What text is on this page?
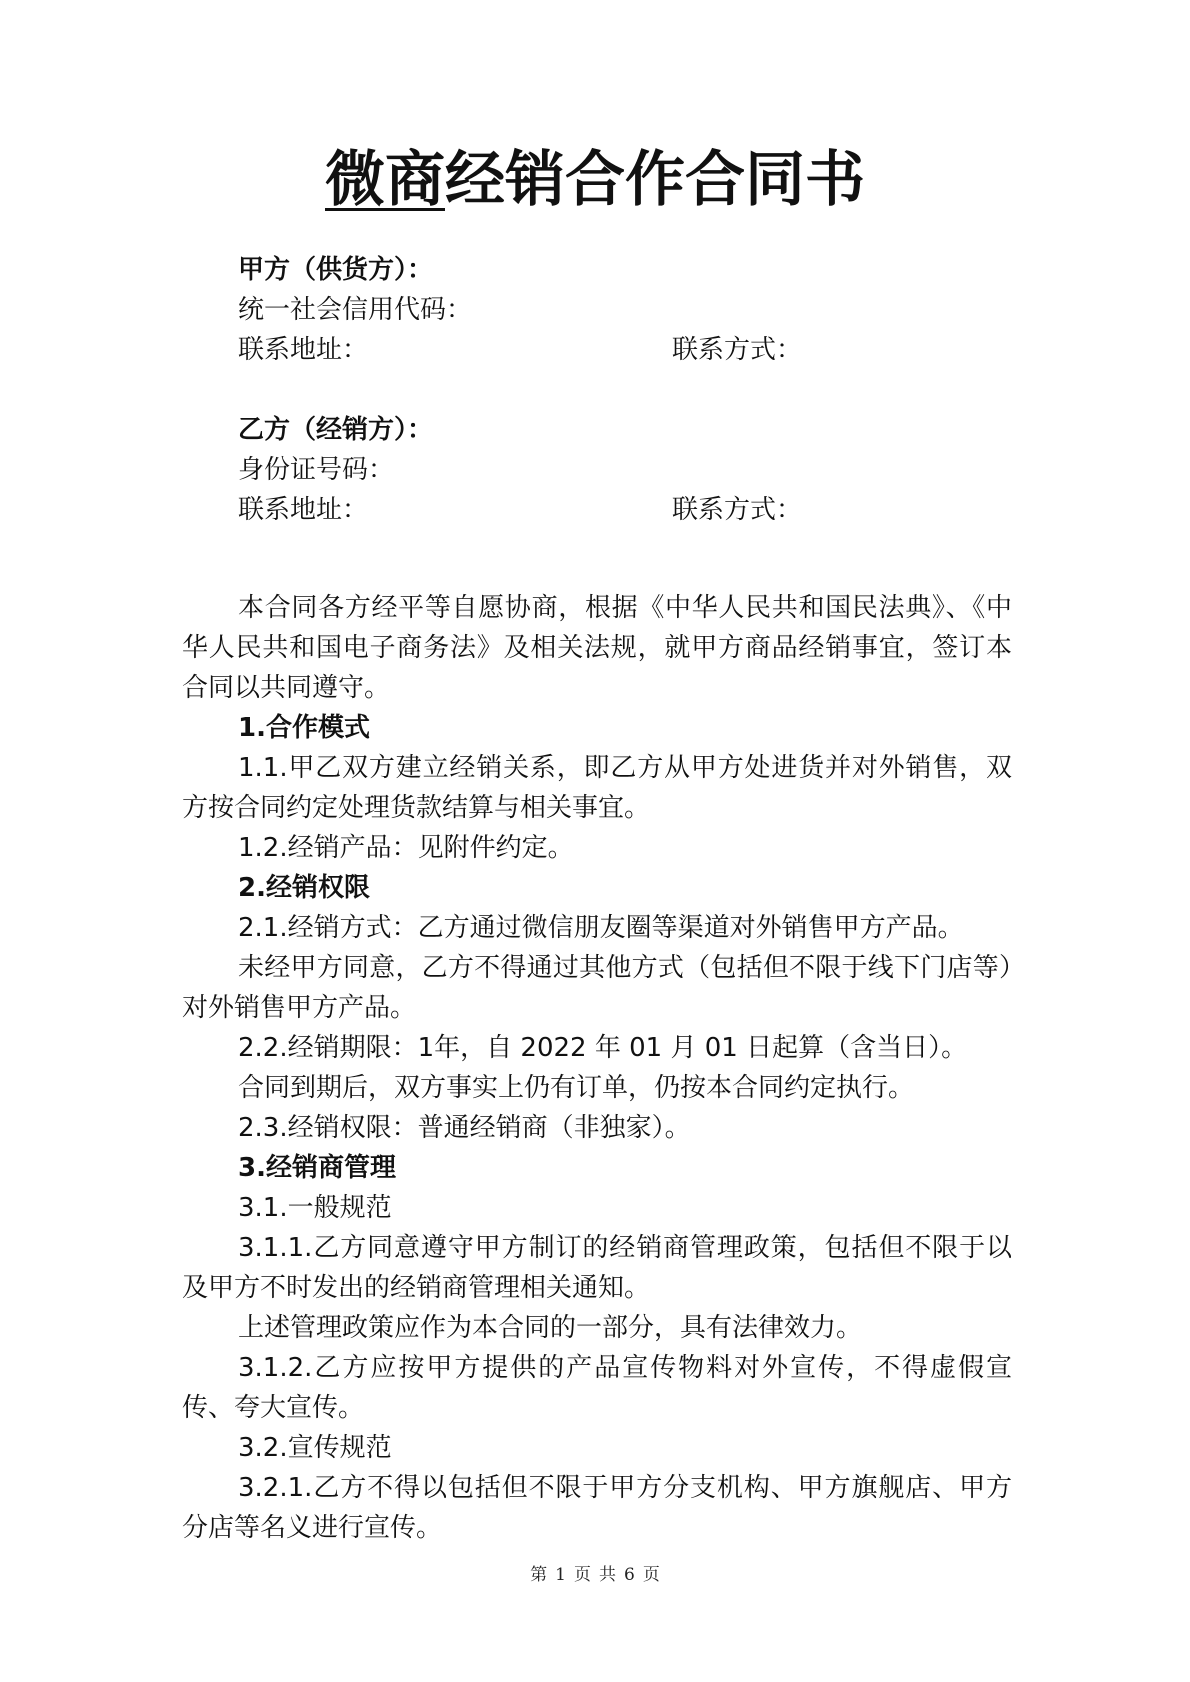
微商经销合作合同书
甲方（供货方）：
统一社会信用代码：
联系地址：	联系方式：
乙方（经销方）：
身份证号码：
联系地址：	联系方式：

本合同各方经平等自愿协商，根据《中华人民共和国民法典》、《中华人民共和国电子商务法》及相关法规，就甲方商品经销事宜，签订本合同以共同遵守。

1.合作模式

1.1.甲乙双方建立经销关系，即乙方从甲方处进货并对外销售，双方按合同约定处理货款结算与相关事宜。

1.2.经销产品：见附件约定。

2.经销权限

2.1.经销方式：乙方通过微信朋友圈等渠道对外销售甲方产品。

未经甲方同意，乙方不得通过其他方式（包括但不限于线下门店等）对外销售甲方产品。

2.2.经销期限：1年，自 2022 年 01 月 01 日起算（含当日）。

合同到期后，双方事实上仍有订单，仍按本合同约定执行。

2.3.经销权限：普通经销商（非独家）。

3.经销商管理

3.1.一般规范

3.1.1.乙方同意遵守甲方制订的经销商管理政策，包括但不限于以及甲方不时发出的经销商管理相关通知。

上述管理政策应作为本合同的一部分，具有法律效力。

3.1.2.乙方应按甲方提供的产品宣传物料对外宣传，不得虚假宣传、夸大宣传。

3.2.宣传规范

3.2.1.乙方不得以包括但不限于甲方分支机构、甲方旗舰店、甲方分店等名义进行宣传。

第 1 页 共 6 页
